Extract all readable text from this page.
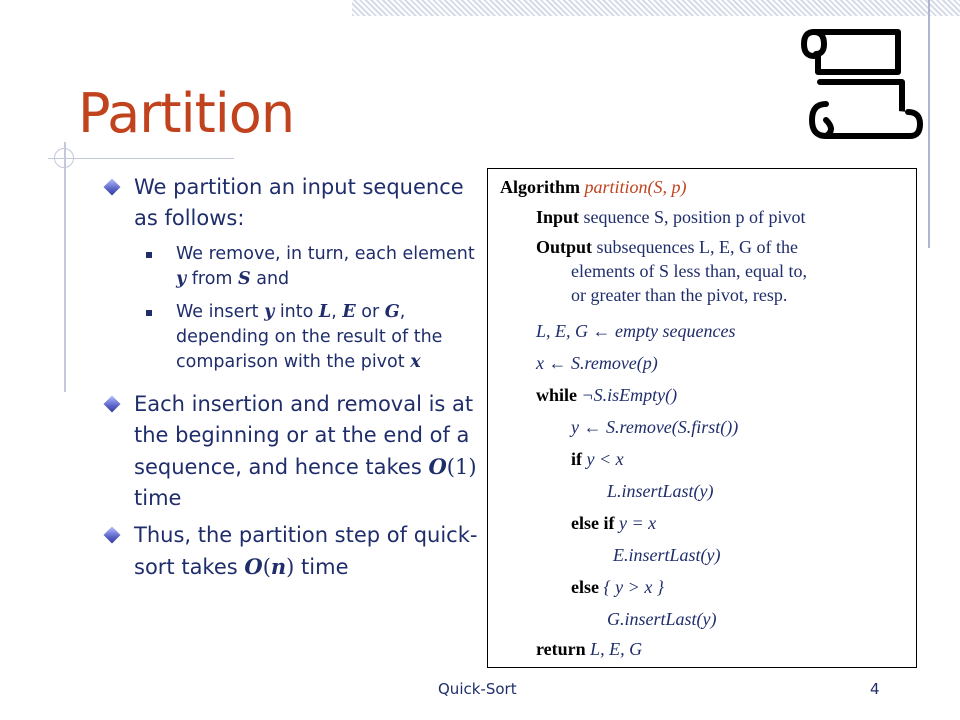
Partition
We partition an input sequence as follows:
We remove, in turn, each element y from S and
We insert y into L, E or G, depending on the result of the comparison with the pivot x
Each insertion and removal is at the beginning or at the end of a sequence, and hence takes O(1) time
Thus, the partition step of quick-sort takes O(n) time
Algorithm partition(S, p)
Input sequence S, position p of pivot
Output subsequences L, E, G of the
elements of S less than, equal to,
or greater than the pivot, resp.
L, E, G ← empty sequences
x ← S.remove(p)
while ¬S.isEmpty()
y ← S.remove(S.first())
if y < x
L.insertLast(y)
else if y = x
E.insertLast(y)
else { y > x }
G.insertLast(y)
return L, E, G
Quick-Sort	4
